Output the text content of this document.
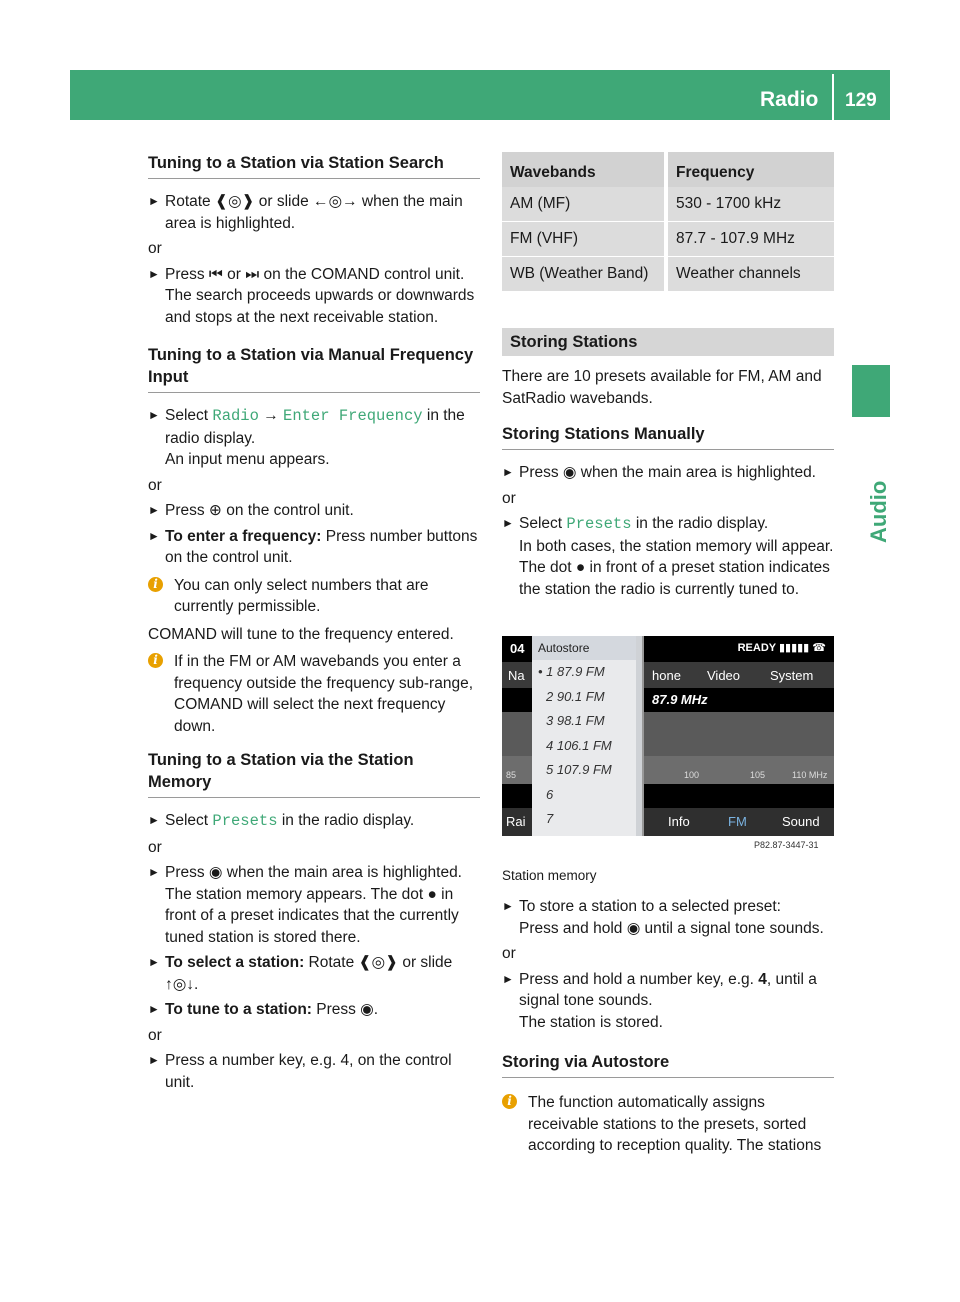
Radio 129
Audio
Tuning to a Station via Station Search
► Rotate ❰◎❱ or slide ←◎→ when the main area is highlighted.
or
► Press ⏮ or ⏭ on the COMAND control unit.
The search proceeds upwards or downwards and stops at the next receivable station.
Tuning to a Station via Manual Frequency Input
► Select Radio → Enter Frequency in the radio display.
An input menu appears.
or
► Press ⊕ on the control unit.
► To enter a frequency: Press number buttons on the control unit.
i	You can only select numbers that are currently permissible.
COMAND will tune to the frequency entered.
i	If in the FM or AM wavebands you enter a frequency outside the frequency sub-range, COMAND will select the next frequency down.
Tuning to a Station via the Station Memory
► Select Presets in the radio display.
or
► Press ◉ when the main area is highlighted.
The station memory appears. The dot ● in front of a preset indicates that the currently tuned station is stored there.
► To select a station: Rotate ❰◎❱ or slide ↑◎↓.
► To tune to a station: Press ◉.
or
► Press a number key, e.g. 4, on the control unit.
Wavebands	Frequency
AM (MF)	530 - 1700 kHz
FM (VHF)	87.7 - 107.9 MHz
WB (Weather Band)	Weather channels
Storing Stations
There are 10 presets available for FM, AM and SatRadio wavebands.
Storing Stations Manually
► Press ◉ when the main area is highlighted.
or
► Select Presets in the radio display.
In both cases, the station memory will appear. The dot ● in front of a preset station indicates the station the radio is currently tuned to.
04	READY ▮▮▮▮▮ ☎
Na	hone Video System
87.9 MHz
85	100	105	110 MHz
Rai	Info	FM	Sound
Autostore
• 1 87.9 FM
2 90.1 FM
3 98.1 FM
4 106.1 FM
5 107.9 FM
6
7
P82.87-3447-31
Station memory
► To store a station to a selected preset:
Press and hold ◉ until a signal tone sounds.
or
► Press and hold a number key, e.g. 4, until a signal tone sounds.
The station is stored.
Storing via Autostore
i	The function automatically assigns receivable stations to the presets, sorted according to reception quality. The stations
